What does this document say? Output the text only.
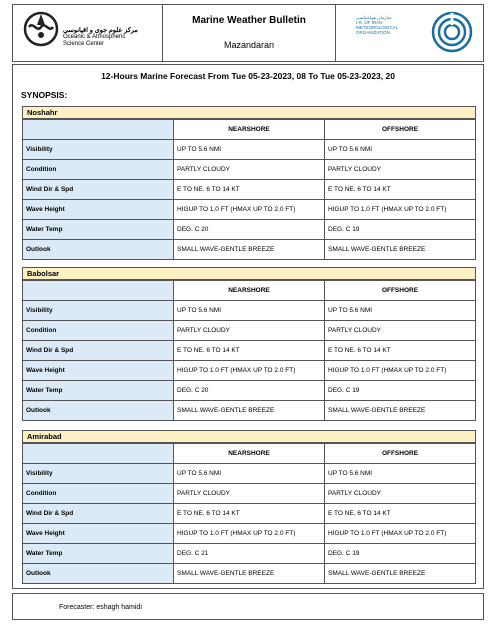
مرکز علوم جوی و اقیانوسی
Oceanic & Atmospheric
Science Center
Marine Weather Bulletin
Mazandaran
سازمان هواشناسی
I.R. OF IRAN
METEOROLOGICAL
ORGANIZATION
12-Hours Marine Forecast From Tue 05-23-2023, 08 To Tue 05-23-2023, 20
SYNOPSIS:
Noshahr
	NEARSHORE	OFFSHORE
Visibility	UP TO 5.6 NMI	UP TO 5.6 NMI
Condition	PARTLY CLOUDY	PARTLY CLOUDY
Wind Dir & Spd	E TO NE. 6 TO 14 KT	E TO NE. 6 TO 14 KT
Wave Height	HIGUP TO 1.0 FT (HMAX UP TO 2.0 FT)	HIGUP TO 1.0 FT (HMAX UP TO 2.0 FT)
Water Temp	DEG. C 20	DEG. C 19
Outlook	SMALL WAVE-GENTLE BREEZE	SMALL WAVE-GENTLE BREEZE
Babolsar
	NEARSHORE	OFFSHORE
Visibility	UP TO 5.6 NMI	UP TO 5.6 NMI
Condition	PARTLY CLOUDY	PARTLY CLOUDY
Wind Dir & Spd	E TO NE. 6 TO 14 KT	E TO NE. 6 TO 14 KT
Wave Height	HIGUP TO 1.0 FT (HMAX UP TO 2.0 FT)	HIGUP TO 1.0 FT (HMAX UP TO 2.0 FT)
Water Temp	DEG. C 20	DEG. C 19
Outlook	SMALL WAVE-GENTLE BREEZE	SMALL WAVE-GENTLE BREEZE
Amirabad
	NEARSHORE	OFFSHORE
Visibility	UP TO 5.6 NMI	UP TO 5.6 NMI
Condition	PARTLY CLOUDY	PARTLY CLOUDY
Wind Dir & Spd	E TO NE. 6 TO 14 KT	E TO NE. 6 TO 14 KT
Wave Height	HIGUP TO 1.0 FT (HMAX UP TO 2.0 FT)	HIGUP TO 1.0 FT (HMAX UP TO 2.0 FT)
Water Temp	DEG. C 21	DEG. C 19
Outlook	SMALL WAVE-GENTLE BREEZE	SMALL WAVE-GENTLE BREEZE
Forecaster: eshagh hamidi
